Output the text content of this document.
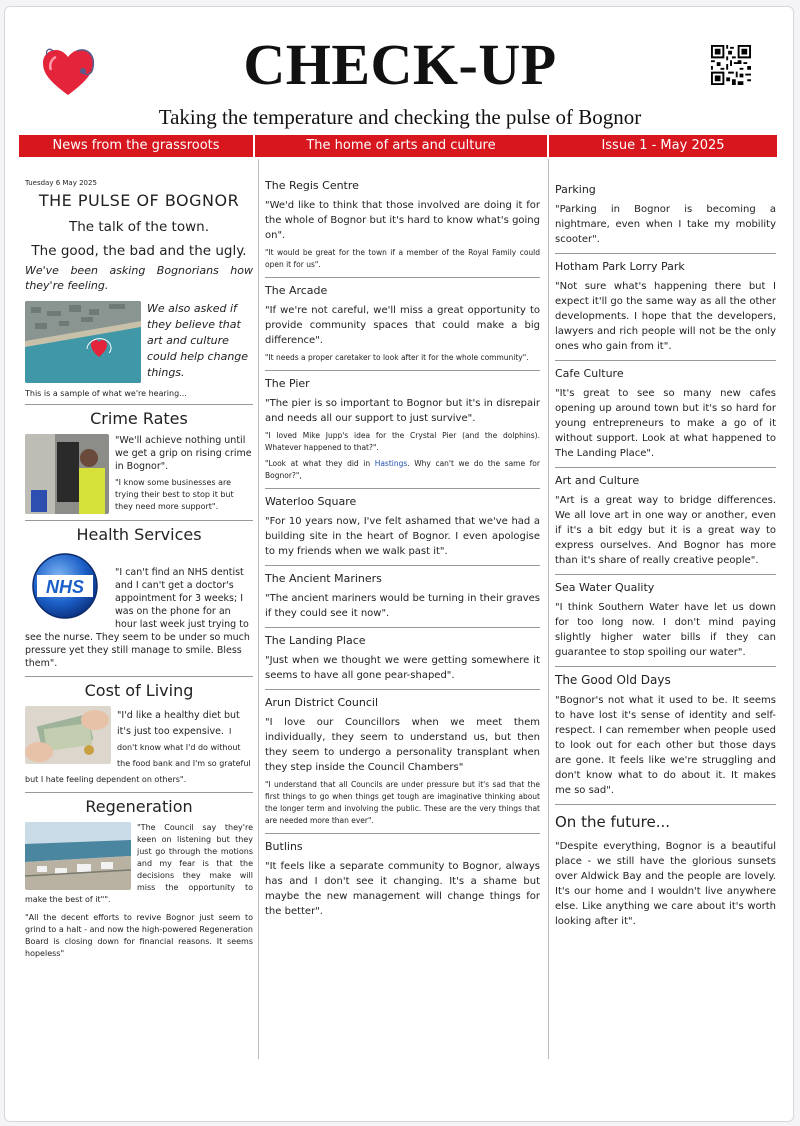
CHECK-UP
Taking the temperature and checking the pulse of Bognor
News from the grassroots	The home of arts and culture	Issue 1 - May 2025
Tuesday 6 May 2025
THE PULSE OF BOGNOR
The talk of the town.
The good, the bad and the ugly.
We've been asking Bognorians how they're feeling.
We also asked if they believe that art and culture could help change things.
This is a sample of what we're hearing...
Crime Rates
"We'll achieve nothing until we get a grip on rising crime in Bognor".
"I know some businesses are trying their best to stop it but they need more support".
Health Services
NHS
"I can't find an NHS dentist and I can't get a doctor's appointment for 3 weeks; I was on the phone for an hour last week just trying to see the nurse. They seem to be under so much pressure yet they still manage to smile. Bless them".
Cost of Living
"I'd like a healthy diet but it's just too expensive. I don't know what I'd do without the food bank and I'm so grateful but I hate feeling dependent on others".
Regeneration
"The Council say they're keen on listening but they just go through the motions and my fear is that the decisions they make will miss the opportunity to make the best of it"".
"All the decent efforts to revive Bognor just seem to grind to a halt - and now the high-powered Regeneration Board is closing down for financial reasons. It seems hopeless"
The Regis Centre
"We'd like to think that those involved are doing it for the whole of Bognor but it's hard to know what's going on".
"It would be great for the town if a member of the Royal Family could open it for us".
The Arcade
"If we're not careful, we'll miss a great opportunity to provide community spaces that could make a big difference".
"It needs a proper caretaker to look after it for the whole community".
The Pier
"The pier is so important to Bognor but it's in disrepair and needs all our support to just survive".
"I loved Mike Jupp's idea for the Crystal Pier (and the dolphins). Whatever happened to that?".
"Look at what they did in Hastings. Why can't we do the same for Bognor?",
Waterloo Square
"For 10 years now, I've felt ashamed that we've had a building site in the heart of Bognor. I even apologise to my friends when we walk past it".
The Ancient Mariners
"The ancient mariners would be turning in their graves if they could see it now".
The Landing Place
"Just when we thought we were getting somewhere it seems to have all gone pear-shaped".
Arun District Council
"I love our Councillors when we meet them individually, they seem to understand us, but then they seem to undergo a personality transplant when they step inside the Council Chambers"
"I understand that all Councils are under pressure but it's sad that the first things to go when things get tough are imaginative thinking about the longer term and involving the public. These are the very things that are needed more than ever".
Butlins
"It feels like a separate community to Bognor, always has and I don't see it changing. It's a shame but maybe the new management will change things for the better".
Parking
"Parking in Bognor is becoming a nightmare, even when I take my mobility scooter".
Hotham Park Lorry Park
"Not sure what's happening there but I expect it'll go the same way as all the other developments. I hope that the developers, lawyers and rich people will not be the only ones who gain from it".
Cafe Culture
"It's great to see so many new cafes opening up around town but it's so hard for young entrepreneurs to make a go of it without support. Look at what happened to The Landing Place".
Art and Culture
"Art is a great way to bridge differences. We all love art in one way or another, even if it's a bit edgy but it is a great way to express ourselves. And Bognor has more than it's share of really creative people".
Sea Water Quality
"I think Southern Water have let us down for too long now. I don't mind paying slightly higher water bills if they can guarantee to stop spoiling our water".
The Good Old Days
"Bognor's not what it used to be. It seems to have lost it's sense of identity and self-respect. I can remember when people used to look out for each other but those days are gone. It feels like we're struggling and don't know what to do about it. It makes me so sad".
On the future...
"Despite everything, Bognor is a beautiful place - we still have the glorious sunsets over Aldwick Bay and the people are lovely. It's our home and I wouldn't live anywhere else. Like anything we care about it's worth looking after it".
